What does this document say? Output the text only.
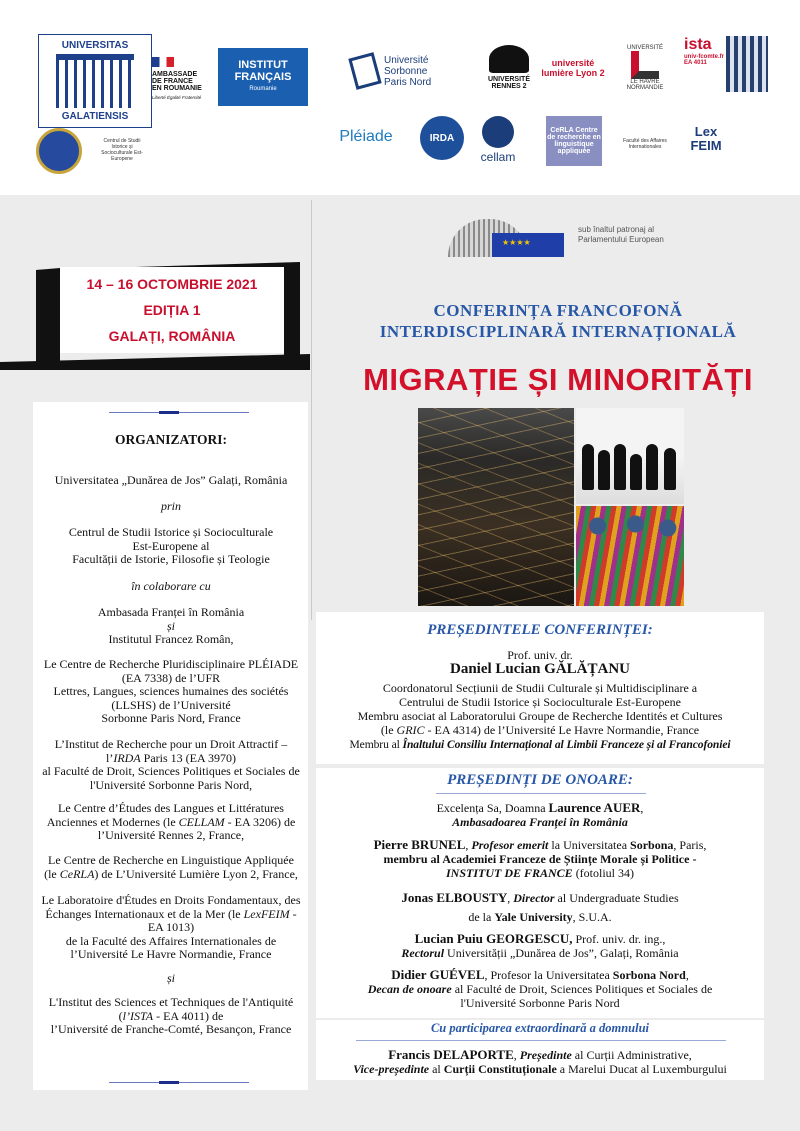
UNIVERSITAS
GALATIENSIS
Centrul de Studii Istorice și Socioculturale Est-Europene
AMBASSADE
DE FRANCE
EN ROUMANIE
Liberté Égalité Fraternité
INSTITUT
FRANÇAIS
Roumanie
Université Sorbonne Paris Nord	UNIVERSITÉ RENNES 2
université lumière Lyon 2
UNIVERSITÉ
LE HAVRE NORMANDIE
ista
univ-fcomte.fr
EA 4011
Pléiade	IRDA
cellam
CeRLA Centre de recherche en linguistique appliquée
Faculté des Affaires Internationales
Lex
FEIM
14 – 16 OCTOMBRIE 2021
EDIȚIA 1
GALAȚI, ROMÂNIA
ORGANIZATORI:
Universitatea „Dunărea de Jos” Galați, România
prin
Centrul de Studii Istorice și Socioculturale
Est-Europene al
Facultății de Istorie, Filosofie și Teologie
în colaborare cu
Ambasada Franței în România
și
Institutul Francez Român,
Le Centre de Recherche Pluridisciplinaire PLÉIADE
(EA 7338) de l’UFR
Lettres, Langues, sciences humaines des sociétés
(LLSHS) de l’Université
Sorbonne Paris Nord, France
L’Institut de Recherche pour un Droit Attractif –
l’IRDA Paris 13 (EA 3970)
al Faculté de Droit, Sciences Politiques et Sociales de
l'Université Sorbonne Paris Nord,
Le Centre d’Études des Langues et Littératures
Anciennes et Modernes (le CELLAM - EA 3206) de
l’Université Rennes 2, France,
Le Centre de Recherche en Linguistique Appliquée
(le CeRLA) de L’Université Lumière Lyon 2, France,
Le Laboratoire d'Études en Droits Fondamentaux, des
Échanges Internationaux et de la Mer (le LexFEIM -
EA 1013)
de la Faculté des Affaires Internationales de
l’Université Le Havre Normandie, France
și
L'Institut des Sciences et Techniques de l'Antiquité
(l’ISTA - EA 4011) de
l’Université de Franche-Comté, Besançon, France
★ ★ ★ ★
sub înaltul patronaj al Parlamentului European
CONFERINȚA FRANCOFONĂ
INTERDISCIPLINARĂ INTERNAȚIONALĂ
MIGRAȚIE ȘI MINORITĂȚI
PREȘEDINTELE CONFERINȚEI:
Prof. univ. dr.
Daniel Lucian GĂLĂȚANU
Coordonatorul Secțiunii de Studii Culturale și Multidisciplinare a
Centrului de Studii Istorice și Socioculturale Est-Europene
Membru asociat al Laboratorului Groupe de Recherche Identités et Cultures
(le GRIC - EA 4314) de l’Université Le Havre Normandie, France
Membru al Înaltului Consiliu Internațional al Limbii Franceze și al Francofoniei
PREȘEDINȚI DE ONOARE:
Excelența Sa, Doamna Laurence AUER,
Ambasadoarea Franței în România
Pierre BRUNEL, Profesor emerit la Universitatea Sorbona, Paris,
membru al Academiei Franceze de Științe Morale și Politice -
INSTITUT DE FRANCE (fotoliul 34)
Jonas ELBOUSTY, Director al Undergraduate Studies
de la Yale University, S.U.A.
Lucian Puiu GEORGESCU, Prof. univ. dr. ing.,
Rectorul Universității „Dunărea de Jos”, Galați, România
Didier GUÉVEL, Profesor la Universitatea Sorbona Nord,
Decan de onoare al Faculté de Droit, Sciences Politiques et Sociales de
l'Université Sorbonne Paris Nord
Cu participarea extraordinară a domnului
Francis DELAPORTE, Președinte al Curții Administrative,
Vice-președinte al Curții Constituționale a Marelui Ducat al Luxemburgului
